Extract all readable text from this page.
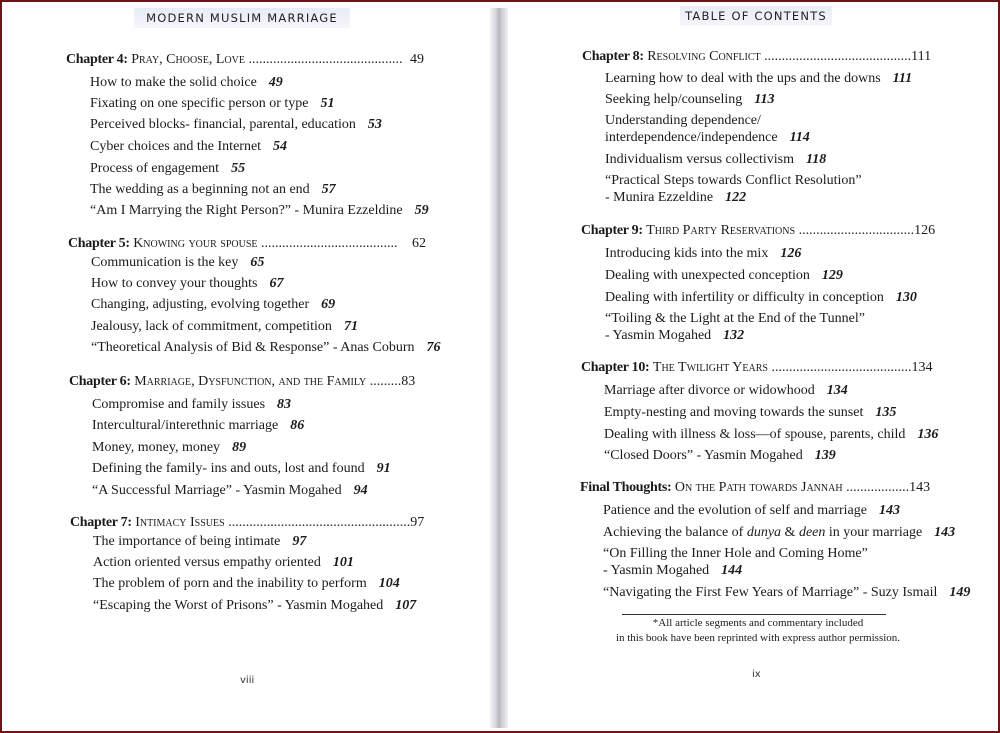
MODERN MUSLIM MARRIAGE
Chapter 4: Pray, Choose, Love ............................................ 49
How to make the solid choice 49
Fixating on one specific person or type 51
Perceived blocks- financial, parental, education 53
Cyber choices and the Internet 54
Process of engagement 55
The wedding as a beginning not an end 57
“Am I Marrying the Right Person?” - Munira Ezzeldine 59
Chapter 5: Knowing your spouse ....................................... 62
Communication is the key 65
How to convey your thoughts 67
Changing, adjusting, evolving together 69
Jealousy, lack of commitment, competition 71
“Theoretical Analysis of Bid & Response” - Anas Coburn 76
Chapter 6: Marriage, Dysfunction, and the Family .........83
Compromise and family issues 83
Intercultural/interethnic marriage 86
Money, money, money 89
Defining the family- ins and outs, lost and found 91
“A Successful Marriage” - Yasmin Mogahed 94
Chapter 7: Intimacy Issues ....................................................97
The importance of being intimate 97
Action oriented versus empathy oriented 101
The problem of porn and the inability to perform 104
“Escaping the Worst of Prisons” - Yasmin Mogahed 107
viii
TABLE OF CONTENTS
Chapter 8: Resolving Conflict ..........................................111
Learning how to deal with the ups and the downs 111
Seeking help/counseling 113
Understanding dependence/
interdependence/independence 114
Individualism versus collectivism 118
“Practical Steps towards Conflict Resolution”
- Munira Ezzeldine 122
Chapter 9: Third Party Reservations .................................126
Introducing kids into the mix 126
Dealing with unexpected conception 129
Dealing with infertility or difficulty in conception 130
“Toiling & the Light at the End of the Tunnel”
- Yasmin Mogahed 132
Chapter 10: The Twilight Years ........................................134
Marriage after divorce or widowhood 134
Empty-nesting and moving towards the sunset 135
Dealing with illness & loss—of spouse, parents, child 136
“Closed Doors” - Yasmin Mogahed 139
Final Thoughts: On the Path towards Jannah ..................143
Patience and the evolution of self and marriage 143
Achieving the balance of dunya & deen in your marriage 143
“On Filling the Inner Hole and Coming Home”
- Yasmin Mogahed 144
“Navigating the First Few Years of Marriage” - Suzy Ismail 149
*All article segments and commentary included
in this book have been reprinted with express author permission.
ix
